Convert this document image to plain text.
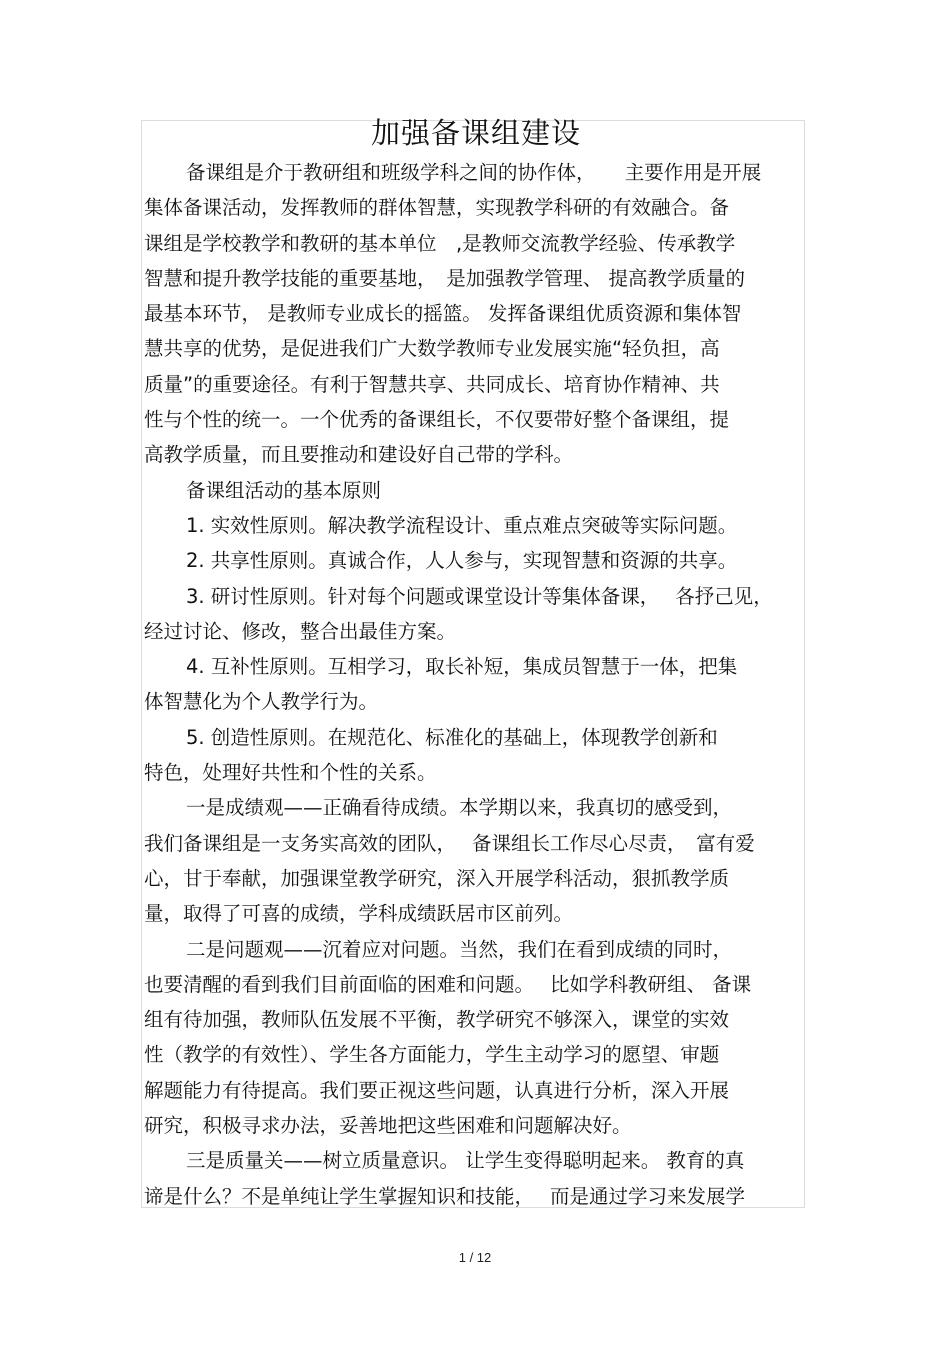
加强备课组建设
备课组是介于教研组和班级学科之间的协作体，　　主要作用是开展
集体备课活动，发挥教师的群体智慧，实现教学科研的有效融合。备
课组是学校教学和教研的基本单位　,是教师交流教学经验、传承教学
智慧和提升教学技能的重要基地，　是加强教学管理、 提高教学质量的
最基本环节， 是教师专业成长的摇篮。 发挥备课组优质资源和集体智
慧共享的优势，是促进我们广大数学教师专业发展实施“轻负担，高
质量”的重要途径。有利于智慧共享、共同成长、培育协作精神、共
性与个性的统一。一个优秀的备课组长，不仅要带好整个备课组，提
高教学质量，而且要推动和建设好自己带的学科。
备课组活动的基本原则
1. 实效性原则。解决教学流程设计、重点难点突破等实际问题。
2. 共享性原则。真诚合作，人人参与，实现智慧和资源的共享。
3. 研讨性原则。针对每个问题或课堂设计等集体备课，　 各抒己见，
经过讨论、修改，整合出最佳方案。
4. 互补性原则。互相学习，取长补短，集成员智慧于一体，把集
体智慧化为个人教学行为。
5. 创造性原则。在规范化、标准化的基础上，体现教学创新和
特色，处理好共性和个性的关系。
一是成绩观——正确看待成绩。本学期以来，我真切的感受到，
我们备课组是一支务实高效的团队，　 备课组长工作尽心尽责，　富有爱
心，甘于奉献，加强课堂教学研究，深入开展学科活动，狠抓教学质
量，取得了可喜的成绩，学科成绩跃居市区前列。
二是问题观——沉着应对问题。当然，我们在看到成绩的同时，
也要清醒的看到我们目前面临的困难和问题。　 比如学科教研组、 备课
组有待加强，教师队伍发展不平衡，教学研究不够深入，课堂的实效
性（教学的有效性）、学生各方面能力，学生主动学习的愿望、审题
解题能力有待提高。我们要正视这些问题，认真进行分析，深入开展
研究，积极寻求办法，妥善地把这些困难和问题解决好。
三是质量关——树立质量意识。 让学生变得聪明起来。 教育的真
谛是什么？不是单纯让学生掌握知识和技能，　 而是通过学习来发展学
1 / 12
